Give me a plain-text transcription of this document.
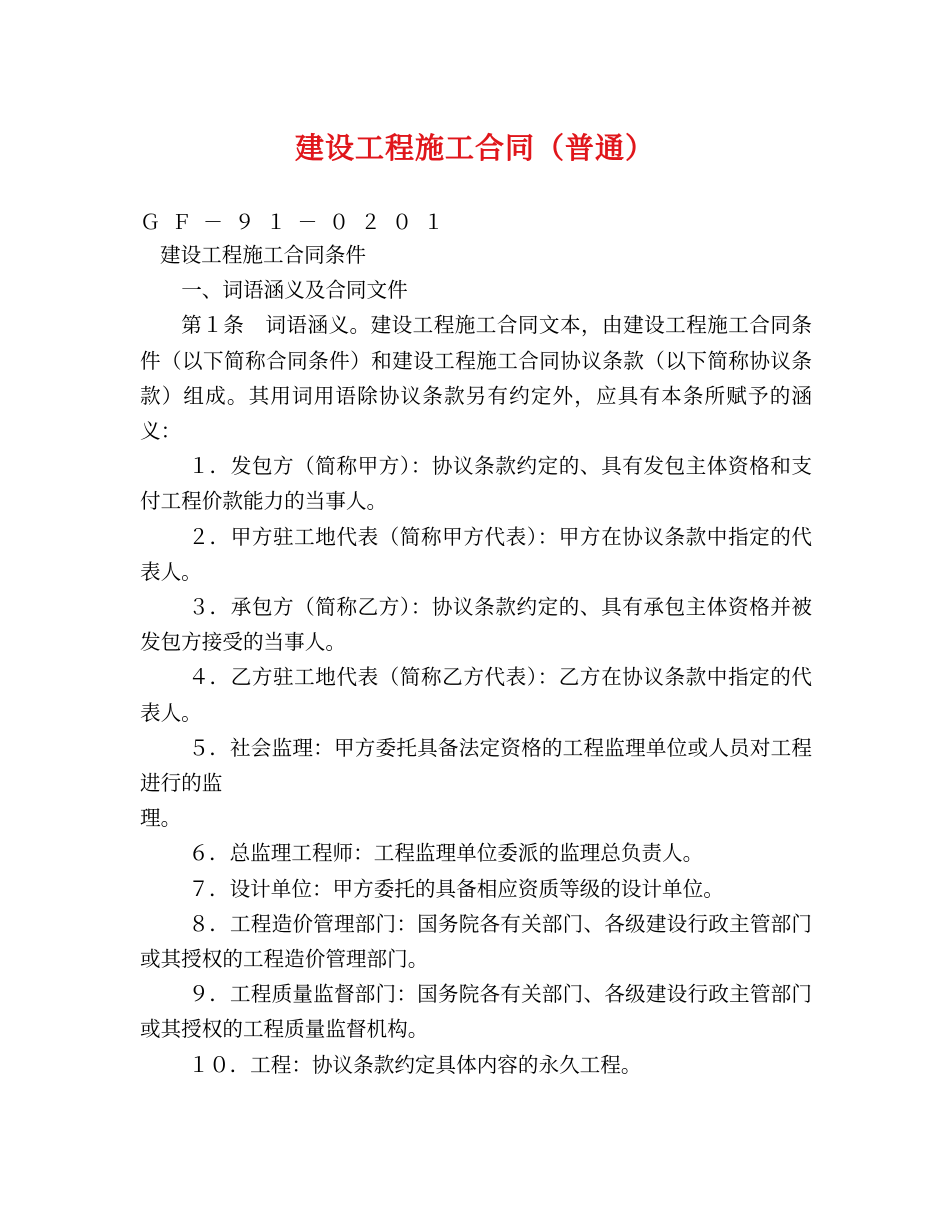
建设工程施工合同（普通）
ＧＦ－９１－０２０１

建设工程施工合同条件

一、词语涵义及合同文件

第１条　词语涵义。建设工程施工合同文本，由建设工程施工合同条件（以下简称合同条件）和建设工程施工合同协议条款（以下简称协议条款）组成。其用词用语除协议条款另有约定外，应具有本条所赋予的涵义：

１．发包方（简称甲方）：协议条款约定的、具有发包主体资格和支付工程价款能力的当事人。

２．甲方驻工地代表（简称甲方代表）：甲方在协议条款中指定的代表人。

３．承包方（简称乙方）：协议条款约定的、具有承包主体资格并被发包方接受的当事人。

４．乙方驻工地代表（简称乙方代表）：乙方在协议条款中指定的代表人。

５．社会监理：甲方委托具备法定资格的工程监理单位或人员对工程进行的监

理。

６．总监理工程师：工程监理单位委派的监理总负责人。

７．设计单位：甲方委托的具备相应资质等级的设计单位。

８．工程造价管理部门：国务院各有关部门、各级建设行政主管部门或其授权的工程造价管理部门。

９．工程质量监督部门：国务院各有关部门、各级建设行政主管部门或其授权的工程质量监督机构。

１０．工程：协议条款约定具体内容的永久工程。
